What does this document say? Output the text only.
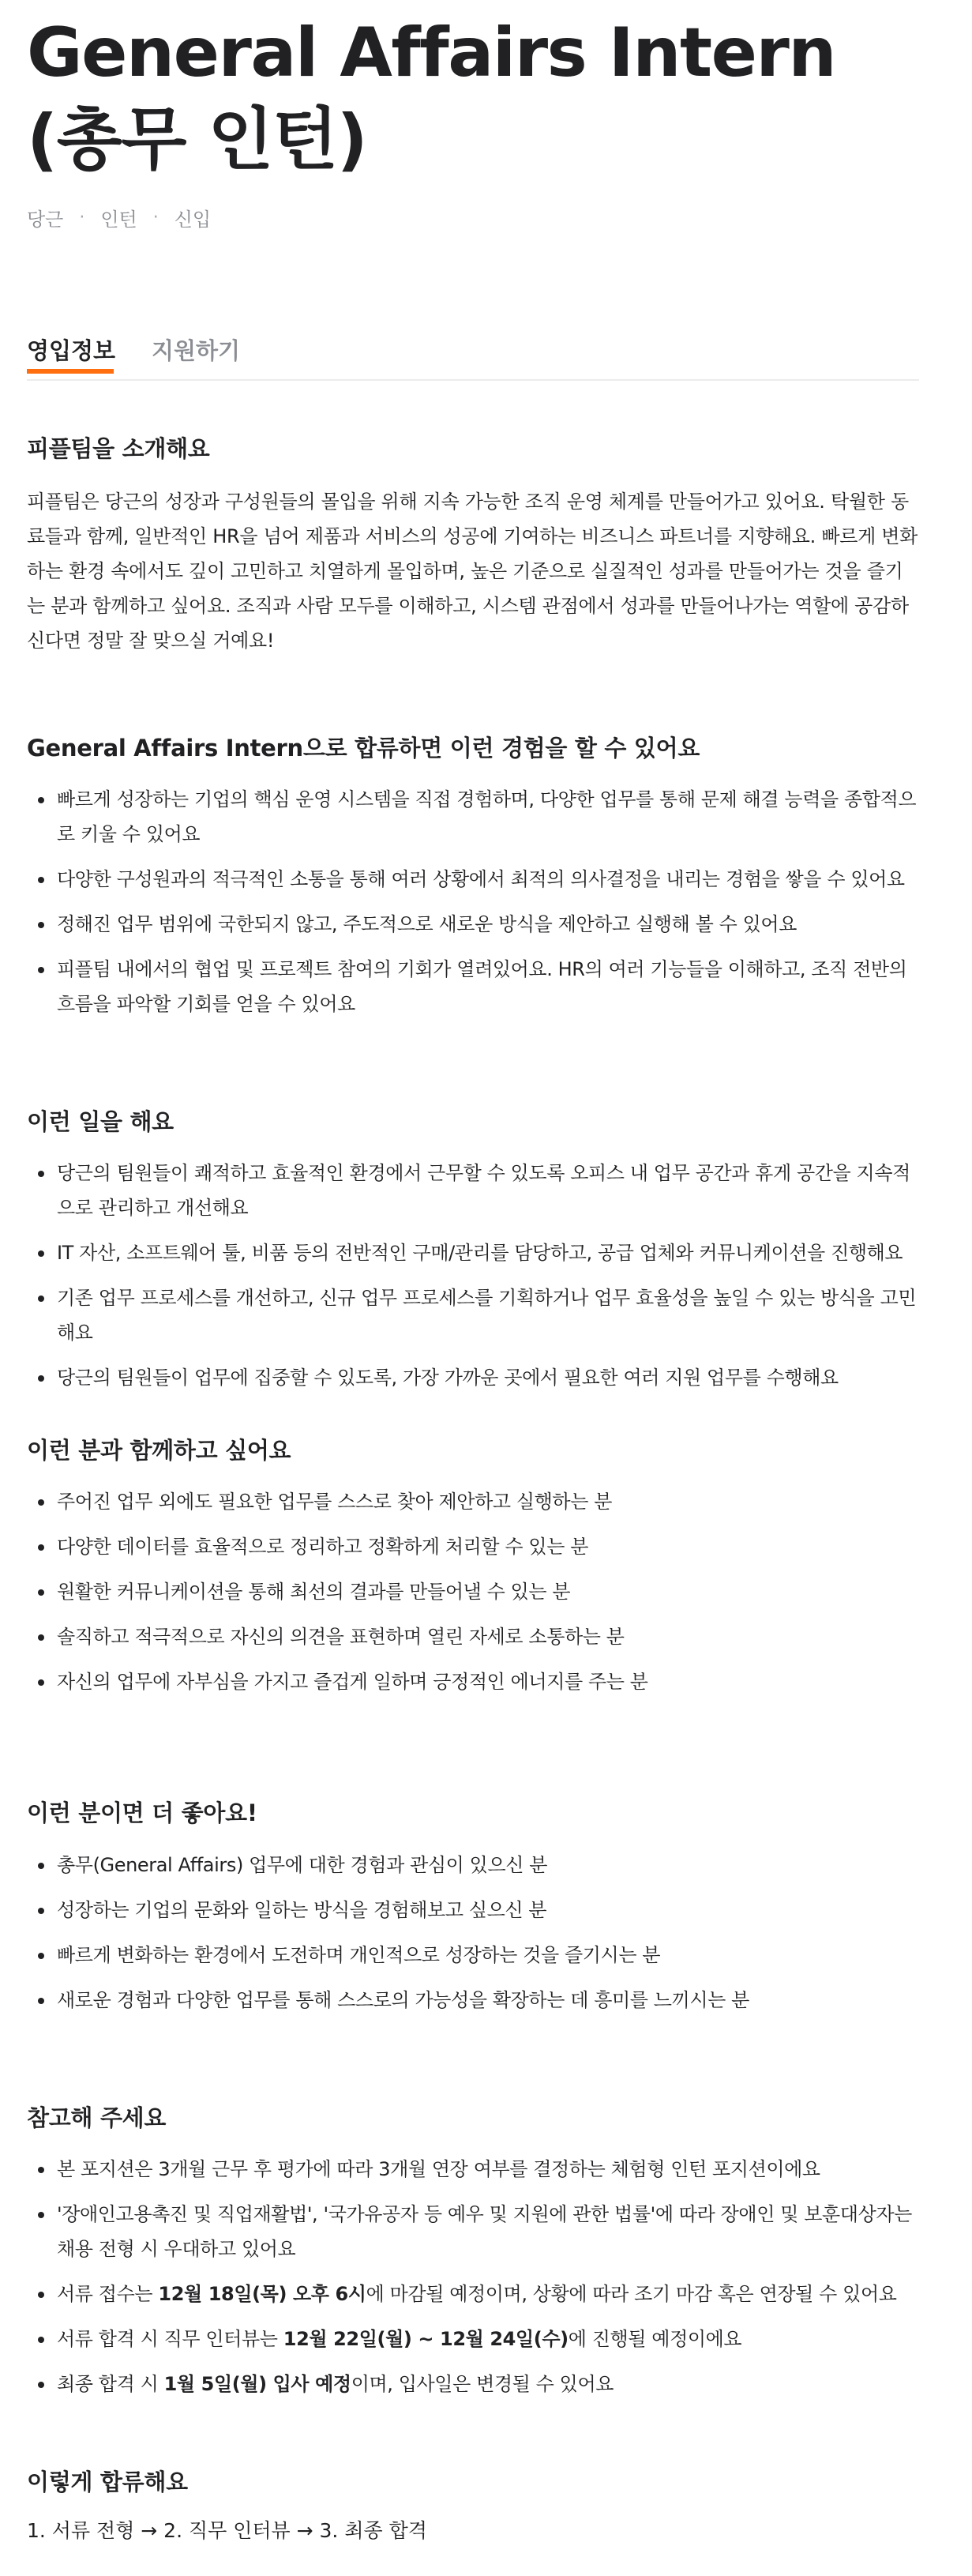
General Affairs Intern (총무 인턴)
당근 · 인턴 · 신입
영입정보 지원하기
피플팀을 소개해요

피플팀은 당근의 성장과 구성원들의 몰입을 위해 지속 가능한 조직 운영 체계를 만들어가고 있어요. 탁월한 동료들과 함께, 일반적인 HR을 넘어 제품과 서비스의 성공에 기여하는 비즈니스 파트너를 지향해요. 빠르게 변화하는 환경 속에서도 깊이 고민하고 치열하게 몰입하며, 높은 기준으로 실질적인 성과를 만들어가는 것을 즐기는 분과 함께하고 싶어요. 조직과 사람 모두를 이해하고, 시스템 관점에서 성과를 만들어나가는 역할에 공감하신다면 정말 잘 맞으실 거예요!

General Affairs Intern으로 합류하면 이런 경험을 할 수 있어요
빠르게 성장하는 기업의 핵심 운영 시스템을 직접 경험하며, 다양한 업무를 통해 문제 해결 능력을 종합적으로 키울 수 있어요
다양한 구성원과의 적극적인 소통을 통해 여러 상황에서 최적의 의사결정을 내리는 경험을 쌓을 수 있어요
정해진 업무 범위에 국한되지 않고, 주도적으로 새로운 방식을 제안하고 실행해 볼 수 있어요
피플팀 내에서의 협업 및 프로젝트 참여의 기회가 열려있어요. HR의 여러 기능들을 이해하고, 조직 전반의 흐름을 파악할 기회를 얻을 수 있어요
이런 일을 해요
당근의 팀원들이 쾌적하고 효율적인 환경에서 근무할 수 있도록 오피스 내 업무 공간과 휴게 공간을 지속적으로 관리하고 개선해요
IT 자산, 소프트웨어 툴, 비품 등의 전반적인 구매/관리를 담당하고, 공급 업체와 커뮤니케이션을 진행해요
기존 업무 프로세스를 개선하고, 신규 업무 프로세스를 기획하거나 업무 효율성을 높일 수 있는 방식을 고민해요
당근의 팀원들이 업무에 집중할 수 있도록, 가장 가까운 곳에서 필요한 여러 지원 업무를 수행해요
이런 분과 함께하고 싶어요
주어진 업무 외에도 필요한 업무를 스스로 찾아 제안하고 실행하는 분
다양한 데이터를 효율적으로 정리하고 정확하게 처리할 수 있는 분
원활한 커뮤니케이션을 통해 최선의 결과를 만들어낼 수 있는 분
솔직하고 적극적으로 자신의 의견을 표현하며 열린 자세로 소통하는 분
자신의 업무에 자부심을 가지고 즐겁게 일하며 긍정적인 에너지를 주는 분
이런 분이면 더 좋아요!
총무(General Affairs) 업무에 대한 경험과 관심이 있으신 분
성장하는 기업의 문화와 일하는 방식을 경험해보고 싶으신 분
빠르게 변화하는 환경에서 도전하며 개인적으로 성장하는 것을 즐기시는 분
새로운 경험과 다양한 업무를 통해 스스로의 가능성을 확장하는 데 흥미를 느끼시는 분
참고해 주세요
본 포지션은 3개월 근무 후 평가에 따라 3개월 연장 여부를 결정하는 체험형 인턴 포지션이에요
'장애인고용촉진 및 직업재활법', '국가유공자 등 예우 및 지원에 관한 법률'에 따라 장애인 및 보훈대상자는 채용 전형 시 우대하고 있어요
서류 접수는 12월 18일(목) 오후 6시에 마감될 예정이며, 상황에 따라 조기 마감 혹은 연장될 수 있어요
서류 합격 시 직무 인터뷰는 12월 22일(월) ~ 12월 24일(수)에 진행될 예정이에요
최종 합격 시 1월 5일(월) 입사 예정이며, 입사일은 변경될 수 있어요
이렇게 합류해요
1. 서류 전형 → 2. 직무 인터뷰 → 3. 최종 합격
